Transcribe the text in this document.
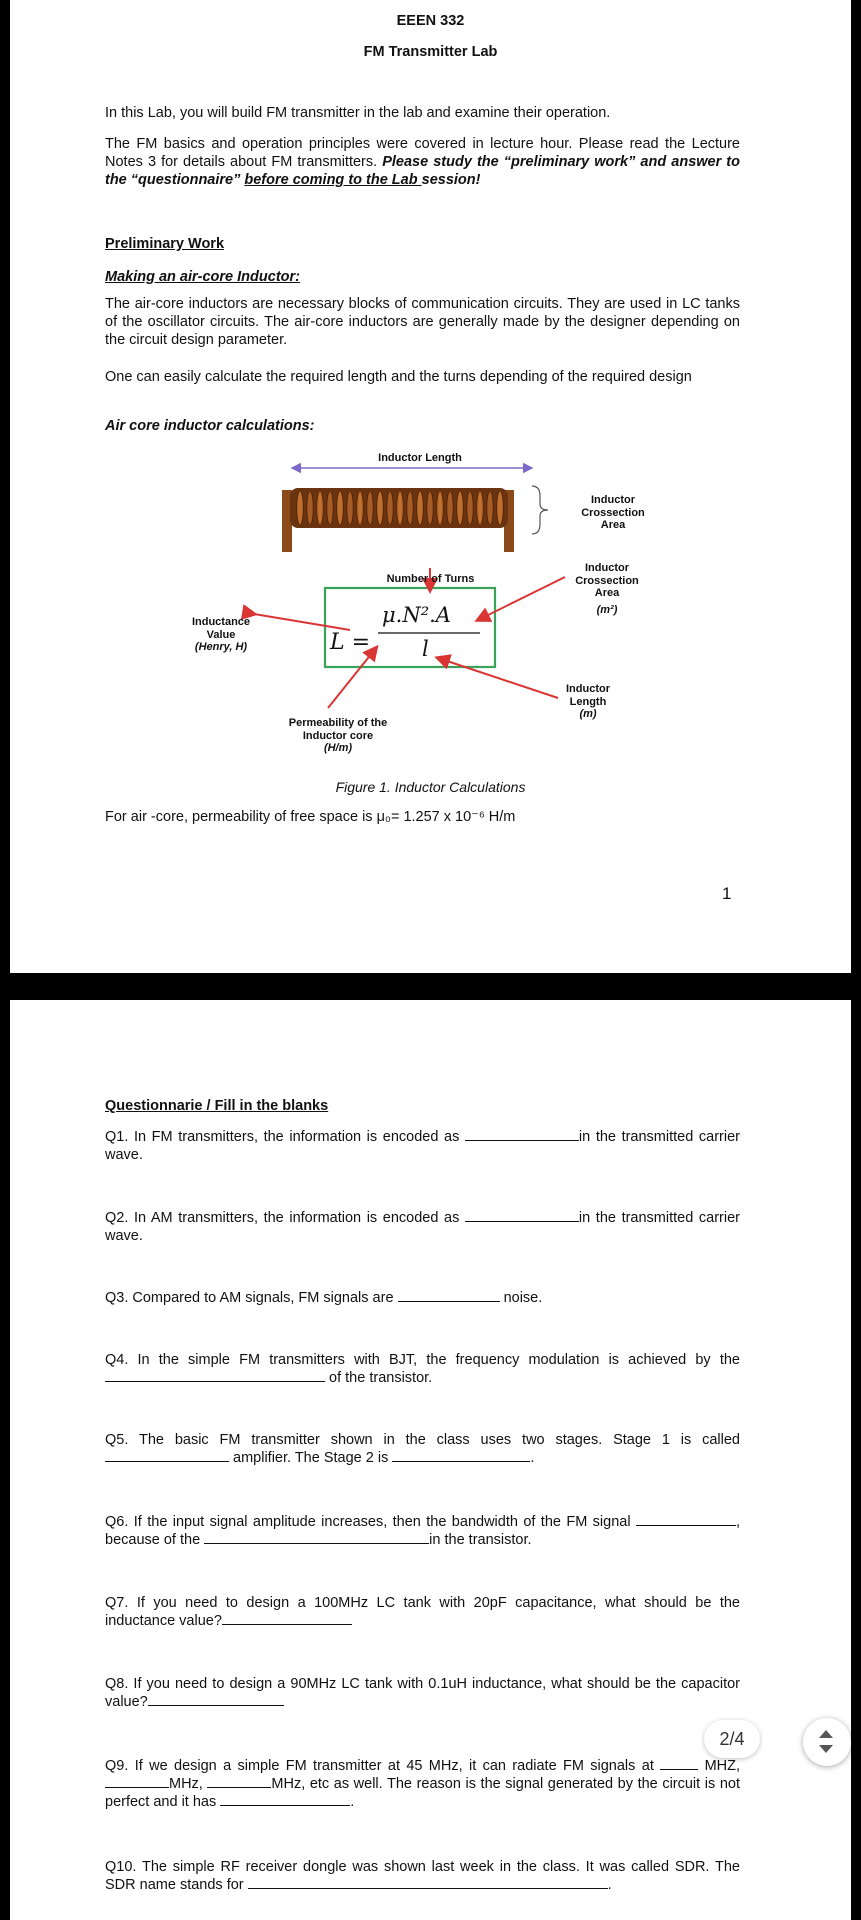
EEEN 332
FM Transmitter Lab
In this Lab, you will build FM transmitter in the lab and examine their operation.
The FM basics and operation principles were covered in lecture hour. Please read the Lecture Notes 3 for details about FM transmitters. Please study the “preliminary work” and answer to the “questionnaire” before coming to the Lab session!
Preliminary Work
Making an air-core Inductor:
The air-core inductors are necessary blocks of communication circuits. They are used in LC tanks of the oscillator circuits. The air-core inductors are generally made by the designer depending on the circuit design parameter.
One can easily calculate the required length and the turns depending of the required design
Air core inductor calculations:
Inductor Length
Inductor
Crossection
Area
Inductor
Crossection
Area
(m²)
Number of Turns
Inductance
Value
(Henry, H)
Inductor
Length
(m)
Permeability of the
Inductor core
(H/m)
L =
μ.N².A
l
Figure 1. Inductor Calculations
For air -core, permeability of free space is μ₀= 1.257 x 10⁻⁶ H/m
1
Questionnarie / Fill in the blanks
Q1. In FM transmitters, the information is encoded as	in the transmitted carrier wave.
Q2. In AM transmitters, the information is encoded as	in the transmitted carrier wave.
Q3. Compared to AM signals, FM signals are	noise.
Q4. In the simple FM transmitters with BJT, the frequency modulation is achieved by the  of the transistor.
Q5. The basic FM transmitter shown in the class uses two stages. Stage 1 is called amplifier. The Stage 2 is	.
Q6. If the input signal amplitude increases, then the bandwidth of the FM signal	, because of the	in the transistor.
Q7. If you need to design a 100MHz LC tank with 20pF capacitance, what should be the inductance value?
Q8. If you need to design a 90MHz LC tank with 0.1uH inductance, what should be the capacitor value?
Q9. If we design a simple FM transmitter at 45 MHz, it can radiate FM signals at	MHZ, MHz,	MHz, etc as well. The reason is the signal generated by the circuit is not perfect and it has	.
Q10. The simple RF receiver dongle was shown last week in the class. It was called SDR. The SDR name stands for	.
2/4
